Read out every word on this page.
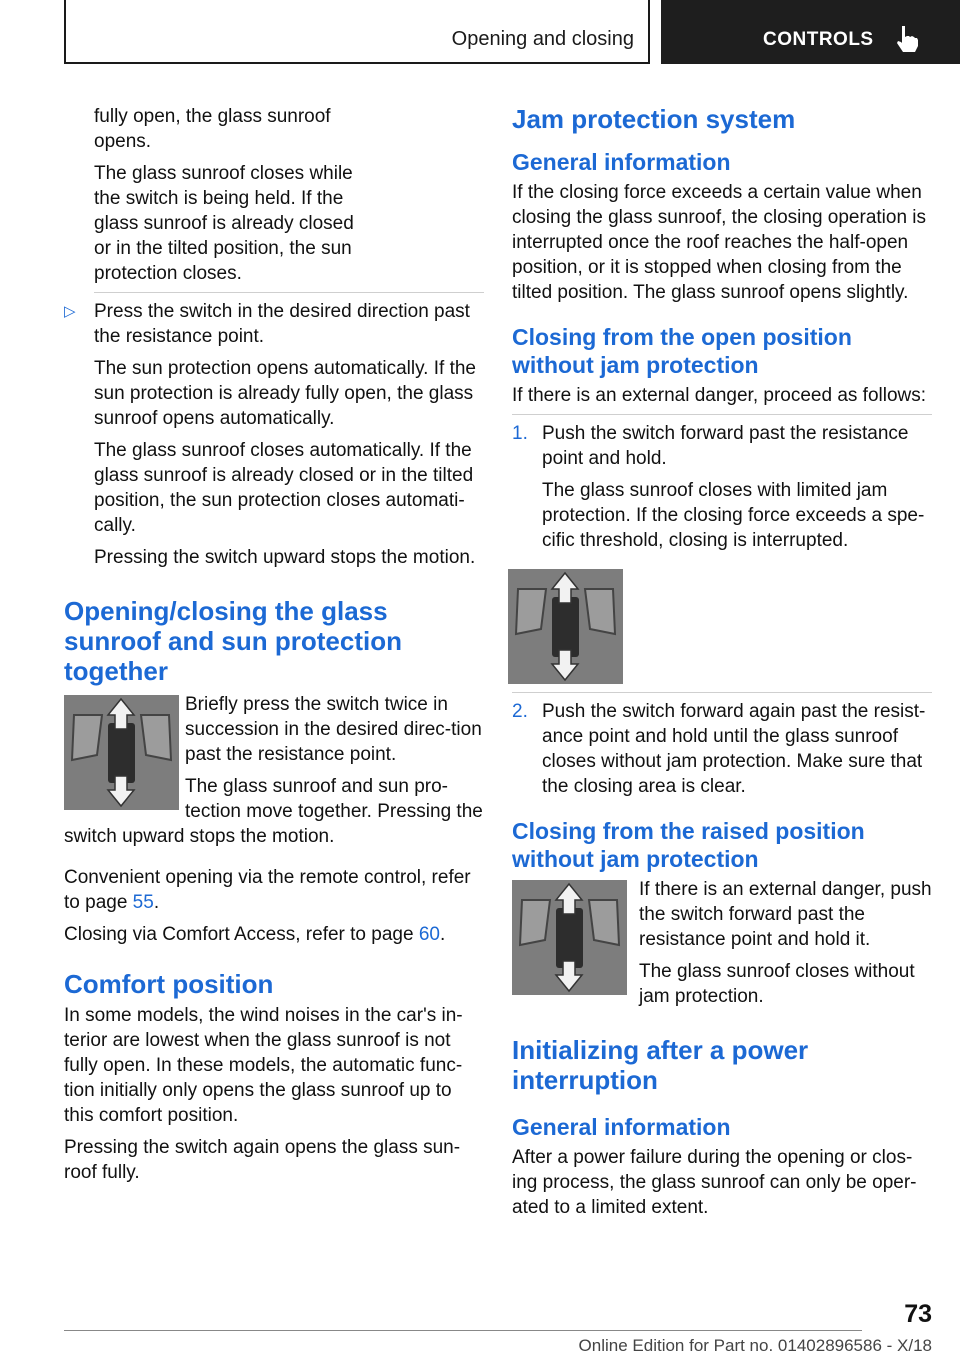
Opening and closing	CONTROLS

fully open, the glass sunroof opens.

The glass sunroof closes while the switch is being held. If the glass sunroof is already closed or in the tilted position, the sun protection closes.

▷ Press the switch in the desired direction past the resistance point.

The sun protection opens automatically. If the sun protection is already fully open, the glass sunroof opens automatically.

The glass sunroof closes automatically. If the glass sunroof is already closed or in the tilted position, the sun protection closes automati‐cally.

Pressing the switch upward stops the motion.

Opening/closing the glass sunroof and sun protection together

Briefly press the switch twice in succession in the desired direc‐tion past the resistance point.

The glass sunroof and sun pro‐tection move together. Pressing the switch upward stops the motion.

Convenient opening via the remote control, refer to page 55.

Closing via Comfort Access, refer to page 60.

Comfort position

In some models, the wind noises in the car's in‐terior are lowest when the glass sunroof is not fully open. In these models, the automatic func‐tion initially only opens the glass sunroof up to this comfort position.

Pressing the switch again opens the glass sun‐roof fully.

Jam protection system
General information

If the closing force exceeds a certain value when closing the glass sunroof, the closing operation is interrupted once the roof reaches the half-open position, or it is stopped when closing from the tilted position. The glass sunroof opens slightly.

Closing from the open position without jam protection

If there is an external danger, proceed as follows:

1. Push the switch forward past the resistance point and hold.

The glass sunroof closes with limited jam protection. If the closing force exceeds a spe‐cific threshold, closing is interrupted.

2. Push the switch forward again past the resist‐ance point and hold until the glass sunroof closes without jam protection. Make sure that the closing area is clear.
Closing from the raised position without jam protection

If there is an external danger, push the switch forward past the resistance point and hold it.

The glass sunroof closes without jam protection.

Initializing after a power interruption
General information

After a power failure during the opening or clos‐ing process, the glass sunroof can only be oper‐ated to a limited extent.

73
Online Edition for Part no. 01402896586 - X/18
